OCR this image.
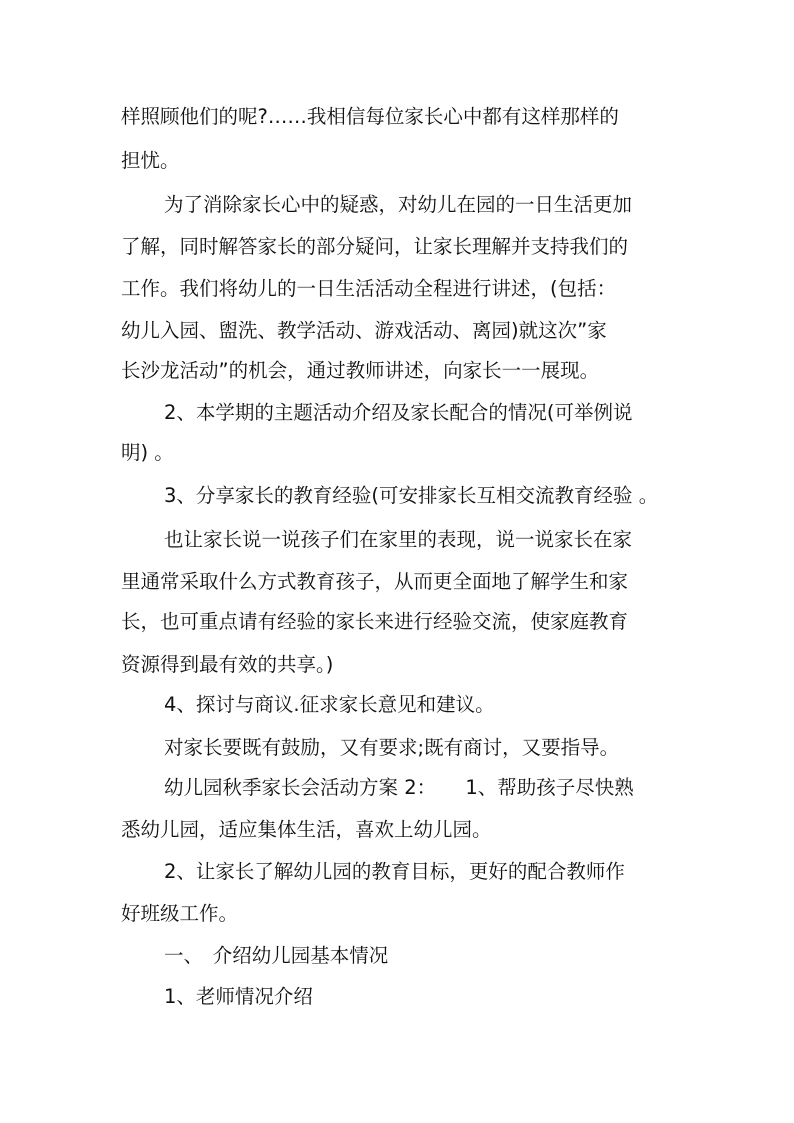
样照顾他们的呢?……我相信每位家长心中都有这样那样的
担忧。
为了消除家长心中的疑惑，对幼儿在园的一日生活更加
了解，同时解答家长的部分疑问，让家长理解并支持我们的
工作。我们将幼儿的一日生活活动全程进行讲述，(包括：
幼儿入园、盥洗、教学活动、游戏活动、离园)就这次”家
长沙龙活动”的机会，通过教师讲述，向家长一一展现。
2、本学期的主题活动介绍及家长配合的情况(可举例说
明) 。
3、分享家长的教育经验(可安排家长互相交流教育经验 。
也让家长说一说孩子们在家里的表现，说一说家长在家
里通常采取什么方式教育孩子，从而更全面地了解学生和家
长，也可重点请有经验的家长来进行经验交流，使家庭教育
资源得到最有效的共享。)
4、探讨与商议.征求家长意见和建议。
对家长要既有鼓励，又有要求;既有商讨，又要指导。
幼儿园秋季家长会活动方案 2：　　1、帮助孩子尽快熟
悉幼儿园，适应集体生活，喜欢上幼儿园。
2、让家长了解幼儿园的教育目标，更好的配合教师作
好班级工作。
一、　介绍幼儿园基本情况
1、老师情况介绍
